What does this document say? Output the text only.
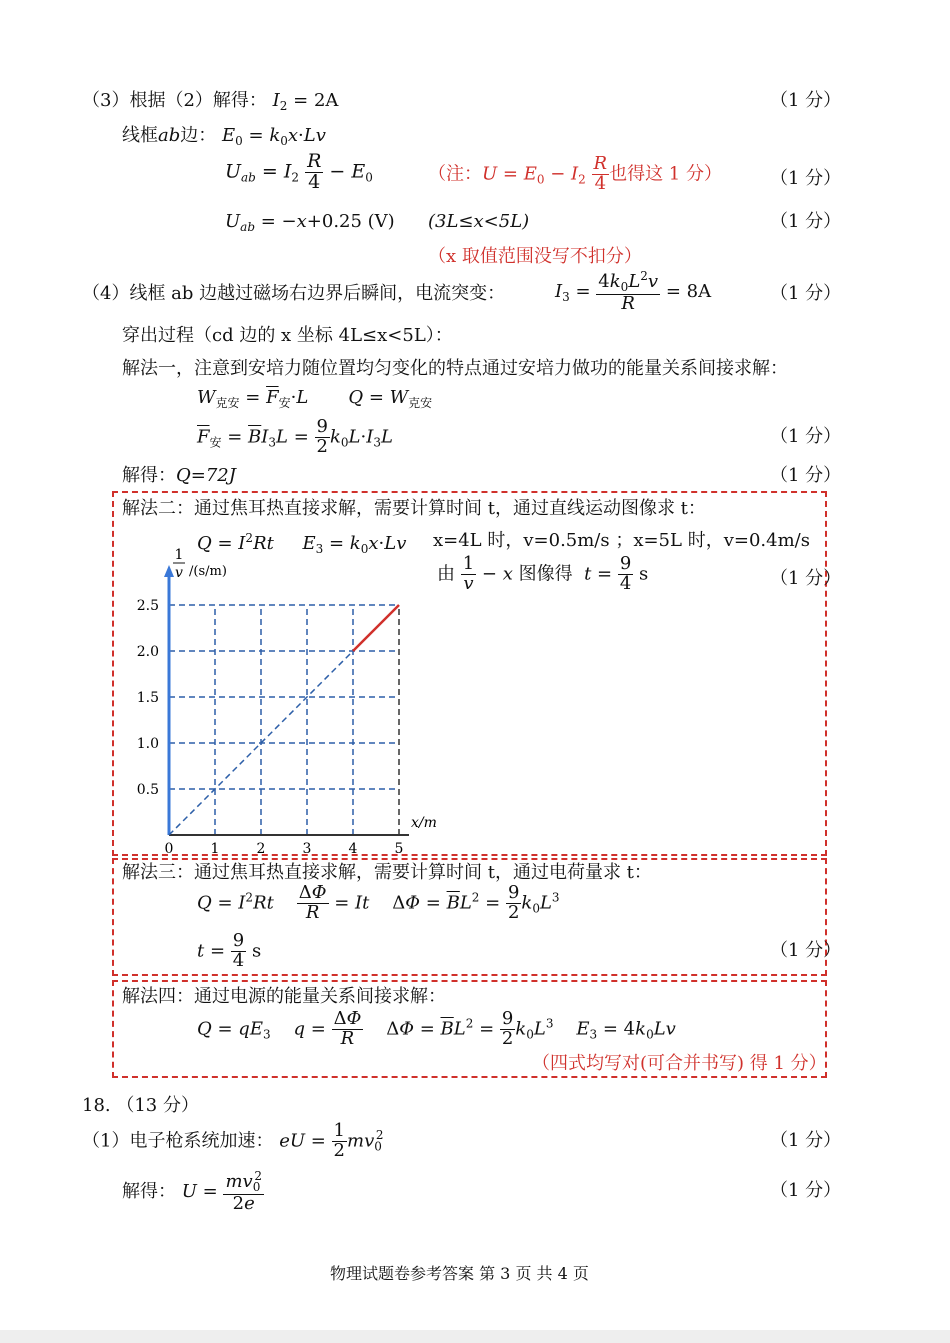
（3）根据（2）解得： $I_2 = 2A$	（1 分）
线框ab边： $E_0 = k_0x\cdot Lv$
$U_{ab} = I_2 \frac{R}{4} - E_0$	（注：$U = E_0 - I_2 \frac{R}{4}$ 也得这 1 分）	（1 分）
$U_{ab} = -x+0.25$ (V) (3L≤x<5L)	（1 分）
（x 取值范围没写不扣分）
（4）线框 ab 边越过磁场右边界后瞬间，电流突变：	$I_3 = \frac{4k_0L^2v}{R} = 8A$	（1 分）
穿出过程（cd 边的 x 坐标 4L≤x<5L）：
解法一，注意到安培力随位置均匀变化的特点通过安培力做功的能量关系间接求解：
$W_{克安} = \overline{F}_安\cdot L$ $Q = W_{克安}$
$\overline{F}_安 = \overline{B}I_3L = \frac{9}{2} k_0L\cdot I_3L$	（1 分）
解得：Q=72J	（1 分）
解法二：通过焦耳热直接求解，需要计算时间 t，通过直线运动图像求 t：
$Q = I^2Rt$ $E_3 = k_0x\cdot Lv$ x=4L 时，v=0.5m/s ；x=5L 时，v=0.4m/s
由 $\frac{1}{v} - x$ 图像得 $t = \frac{9}{4}$ s	（1 分）
0	1	2	3	4	5
0.5
1.0
1.5
2.0
2.5
x/m
1
v /(s/m)
解法三：通过焦耳热直接求解，需要计算时间 t，通过电荷量求 t：
$Q = I^2Rt \frac{\Delta\Phi}{R} = It$    $\Delta\Phi = \overline{B}L^2 = \frac{9}{2} k_0L^3$
$t = \frac{9}{4}$ s	（1 分）
解法四：通过电源的能量关系间接求解：
$Q = qE_3$ $q = \frac{\Delta\Phi}{R}$ $\Delta\Phi = \overline{B}L^2 = \frac{9}{2} k_0L^3$ $E_3 = 4k_0Lv$
（四式均写对(可合并书写) 得 1 分）
18. （13 分）
（1）电子枪系统加速： eU = $\frac{1}{2} mv_0^2$	（1 分）
解得： $U = \frac{mv_0^2}{2e}$	（1 分）
物理试题卷参考答案 第 3 页 共 4 页
